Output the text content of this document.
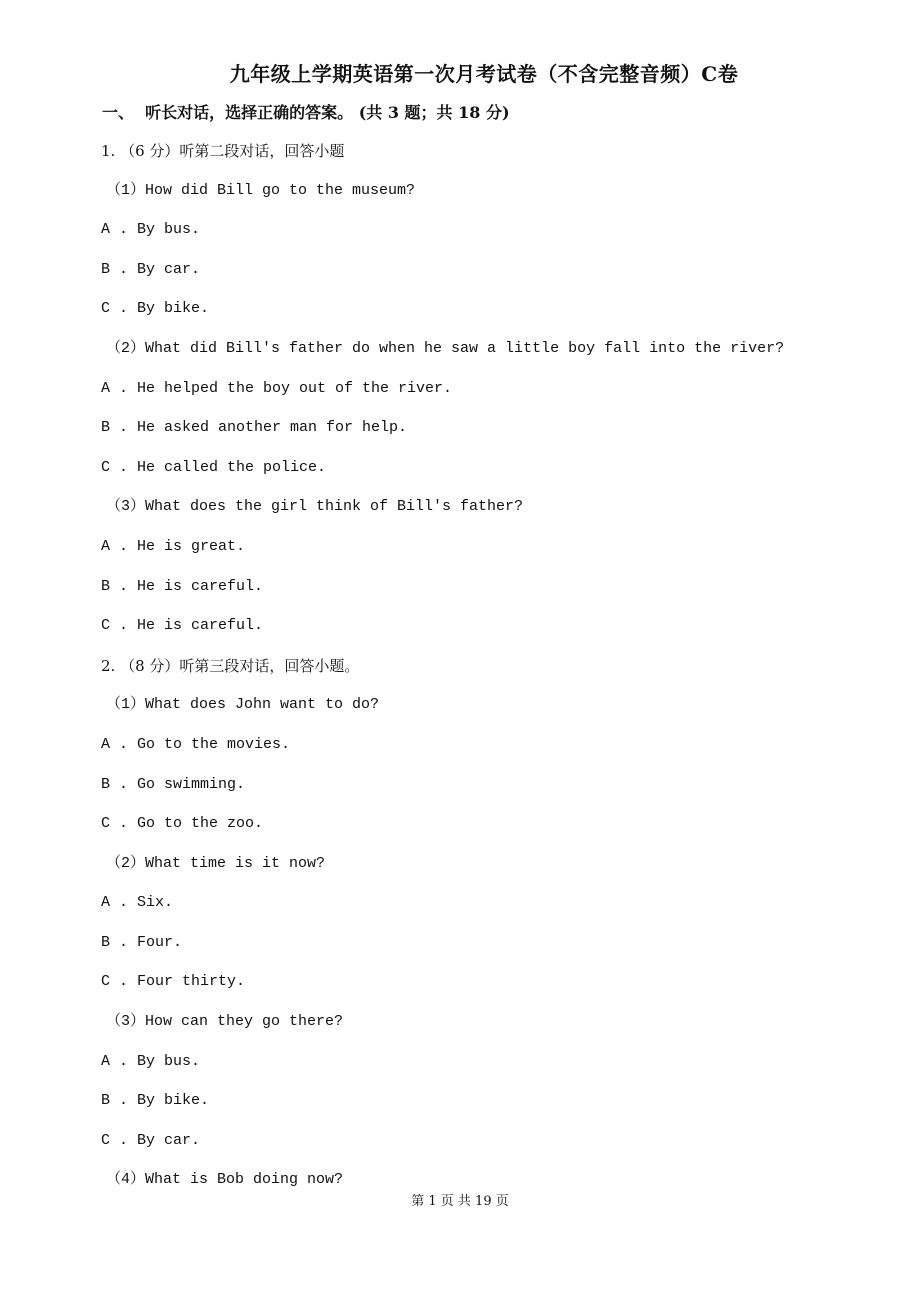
九年级上学期英语第一次月考试卷（不含完整音频）C卷
一、  听长对话，选择正确的答案。 (共 3 题；共 18 分)
1. （6 分）听第二段对话，回答小题
（1）How did Bill go to the museum?
A . By bus.
B . By car.
C . By bike.
（2）What did Bill's father do when he saw a little boy fall into the river?
A . He helped the boy out of the river.
B . He asked another man for help.
C . He called the police.
（3）What does the girl think of Bill's father?
A . He is great.
B . He is careful.
C . He is careful.
2. （8 分）听第三段对话，回答小题。
（1）What does John want to do?
A . Go to the movies.
B . Go swimming.
C . Go to the zoo.
（2）What time is it now?
A . Six.
B . Four.
C . Four thirty.
（3）How can they go there?
A . By bus.
B . By bike.
C . By car.
（4）What is Bob doing now?
第 1 页 共 19 页
